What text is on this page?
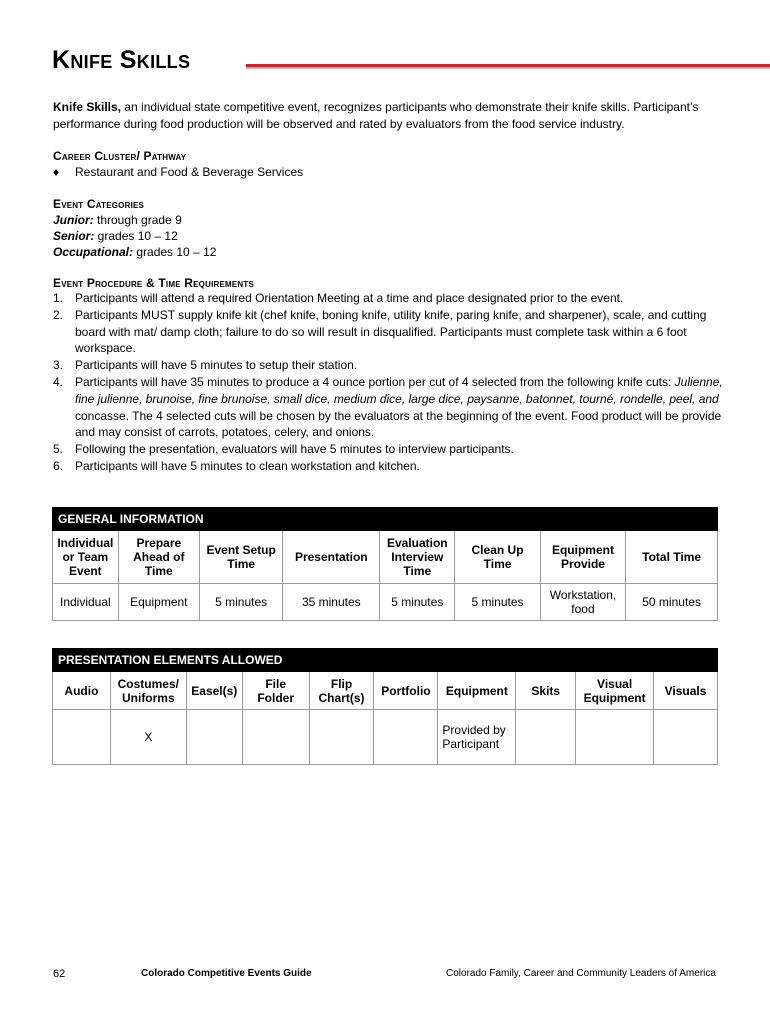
Knife Skills
Knife Skills, an individual state competitive event, recognizes participants who demonstrate their knife skills. Participant’s performance during food production will be observed and rated by evaluators from the food service industry.
Career Cluster/ Pathway
♦ Restaurant and Food & Beverage Services
Event Categories
Junior: through grade 9
Senior: grades 10 – 12
Occupational: grades 10 – 12
Event Procedure & Time Requirements
1. Participants will attend a required Orientation Meeting at a time and place designated prior to the event.
2. Participants MUST supply knife kit (chef knife, boning knife, utility knife, paring knife, and sharpener), scale, and cutting board with mat/ damp cloth; failure to do so will result in disqualified. Participants must complete task within a 6 foot workspace.
3. Participants will have 5 minutes to setup their station.
4. Participants will have 35 minutes to produce a 4 ounce portion per cut of 4 selected from the following knife cuts: Julienne, fine julienne, brunoise, fine brunoise, small dice, medium dice, large dice, paysanne, batonnet, tourné, rondelle, peel, and concasse. The 4 selected cuts will be chosen by the evaluators at the beginning of the event. Food product will be provide and may consist of carrots, potatoes, celery, and onions.
5. Following the presentation, evaluators will have 5 minutes to interview participants.
6. Participants will have 5 minutes to clean workstation and kitchen.
GENERAL INFORMATION							
Individual or Team Event	Prepare Ahead of Time	Event Setup Time	Presentation	Evaluation Interview Time	Clean Up Time	Equipment Provide	Total Time
Individual	Equipment	5 minutes	35 minutes	5 minutes	5 minutes	Workstation, food	50 minutes
PRESENTATION ELEMENTS ALLOWED									
Audio	Costumes/ Uniforms	Easel(s)	File Folder	Flip Chart(s)	Portfolio	Equipment	Skits	Visual Equipment	Visuals
	X					Provided by Participant			
62	Colorado Competitive Events Guide	Colorado Family, Career and Community Leaders of America
